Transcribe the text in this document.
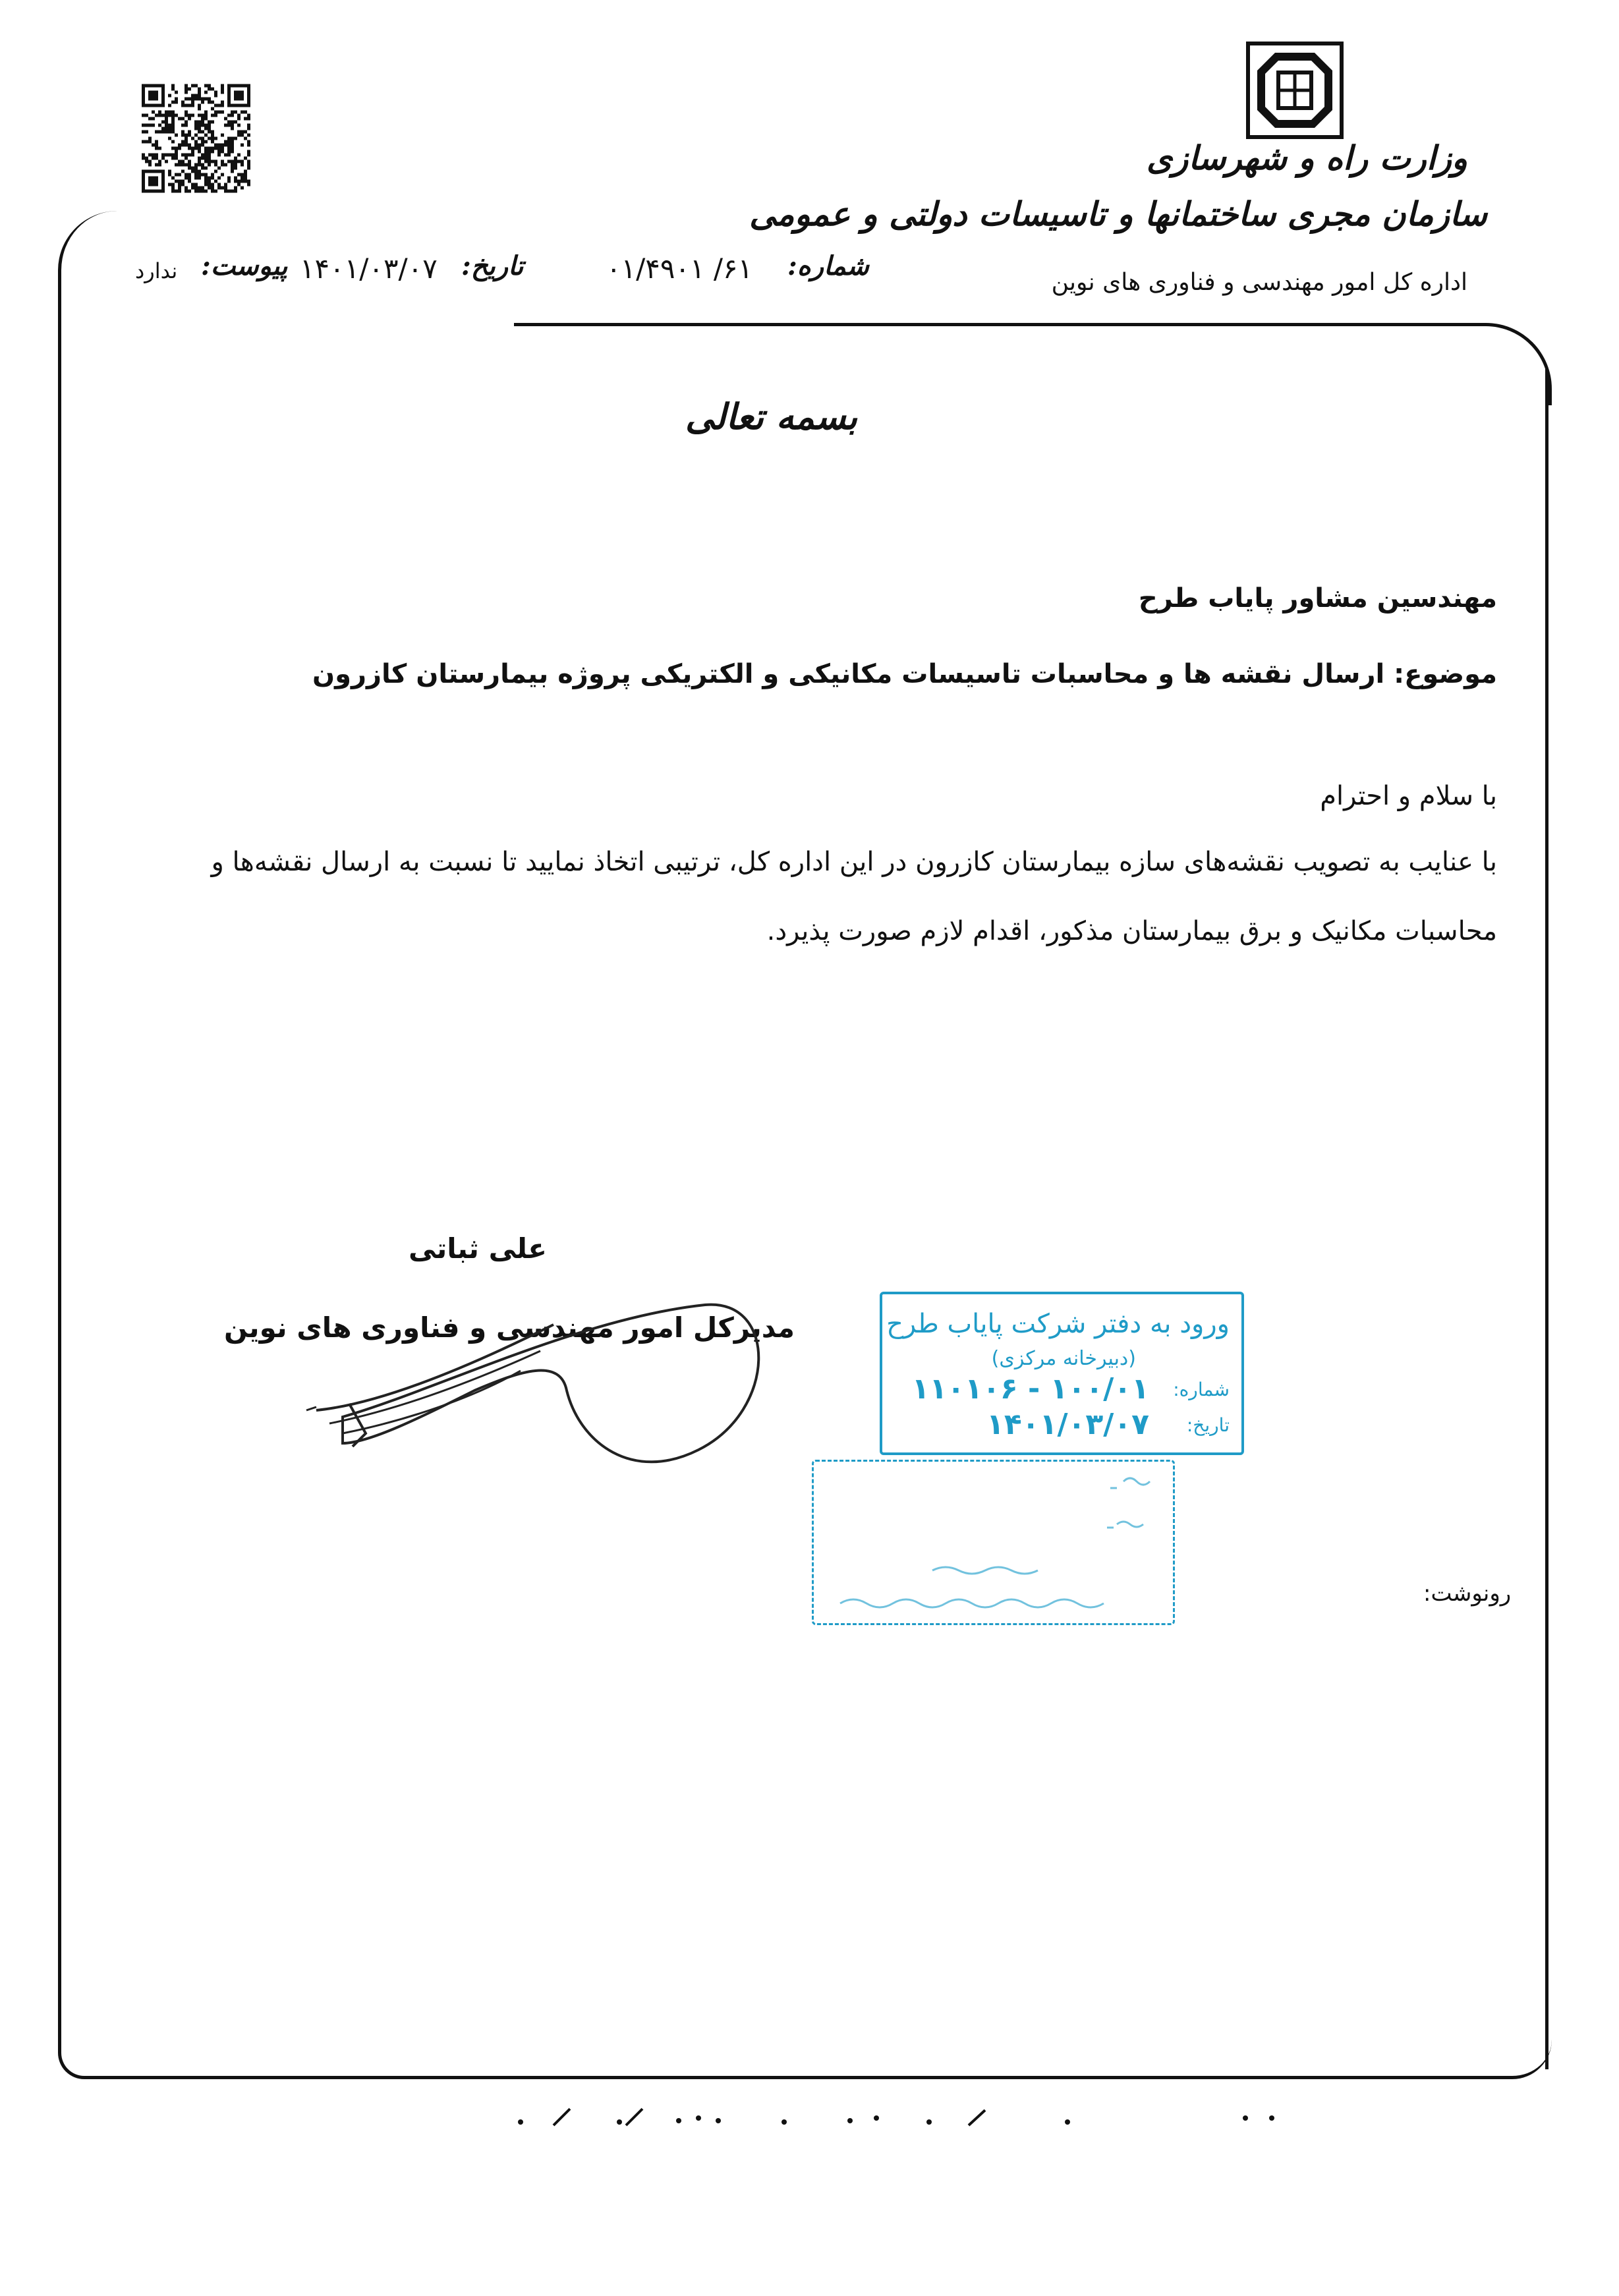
وزارت راه و شهرسازی
سازمان مجری ساختمانها و تاسیسات دولتی و عمومی
اداره کل امور مهندسی و فناوری های نوین
شماره:
۶۱/ ۰۱/۴۹۰۱
تاریخ:
۱۴۰۱/۰۳/۰۷
پیوست:
ندارد
بسمه تعالی
مهندسین مشاور پایاب طرح
موضوع: ارسال نقشه ها و محاسبات تاسیسات مکانیکی و الکتریکی پروژه بیمارستان کازرون
با سلام و احترام
با عنایب به تصویب نقشه‌های سازه بیمارستان کازرون در این اداره کل، ترتیبی اتخاذ نمایید تا نسبت به ارسال نقشه‌ها و
محاسبات مکانیک و برق بیمارستان مذکور، اقدام لازم صورت پذیرد.
علی ثباتی
مدیرکل امور مهندسی و فناوری های نوین	ورود به دفتر شرکت پایاب طرح
(دبیرخانه مرکزی)
شماره:
۱۰۰/۰۱ - ۱۱۰۱۰۶
تاریخ:
۱۴۰۱/۰۳/۰۷
رونوشت:
